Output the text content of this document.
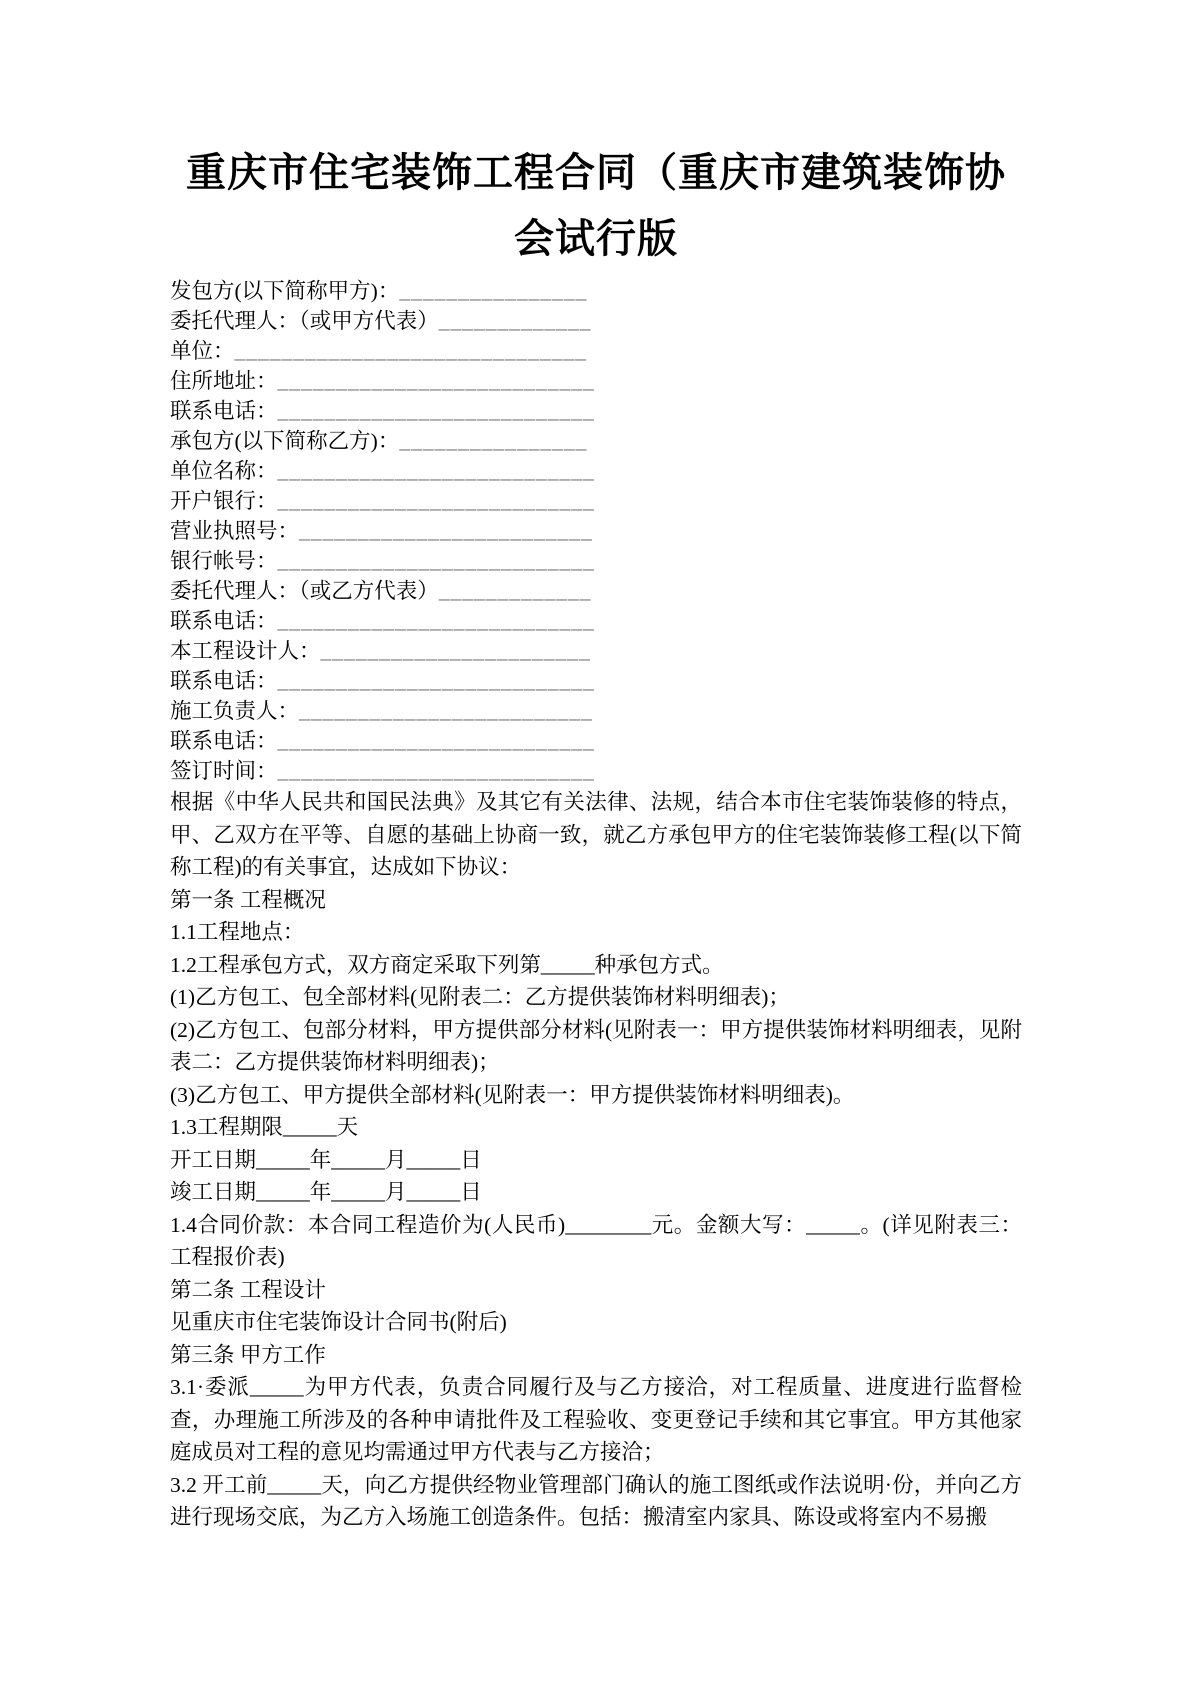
重庆市住宅装饰工程合同（重庆市建筑装饰协
会试行版
发包方(以下简称甲方)：________________
委托代理人：（或甲方代表）_____________
单位：______________________________
住所地址：___________________________
联系电话：___________________________
承包方(以下简称乙方)：________________
单位名称：___________________________
开户银行：___________________________
营业执照号：_________________________
银行帐号：___________________________
委托代理人：（或乙方代表）_____________
联系电话：___________________________
本工程设计人：_______________________
联系电话：___________________________
施工负责人：_________________________
联系电话：___________________________
签订时间：___________________________

根据《中华人民共和国民法典》及其它有关法律、法规，结合本市住宅装饰装修的特点，甲、乙双方在平等、自愿的基础上协商一致，就乙方承包甲方的住宅装饰装修工程(以下简称工程)的有关事宜，达成如下协议：

第一条 工程概况

1.1工程地点：

1.2工程承包方式，双方商定采取下列第_____种承包方式。

(1)乙方包工、包全部材料(见附表二：乙方提供装饰材料明细表)；

(2)乙方包工、包部分材料，甲方提供部分材料(见附表一：甲方提供装饰材料明细表，见附表二：乙方提供装饰材料明细表)；

(3)乙方包工、甲方提供全部材料(见附表一：甲方提供装饰材料明细表)。

1.3工程期限_____天

开工日期_____年_____月_____日

竣工日期_____年_____月_____日

1.4合同价款：本合同工程造价为(人民币)________元。金额大写：_____。(详见附表三：工程报价表)

第二条 工程设计

见重庆市住宅装饰设计合同书(附后)

第三条 甲方工作

3.1·委派_____为甲方代表，负责合同履行及与乙方接洽，对工程质量、进度进行监督检查，办理施工所涉及的各种申请批件及工程验收、变更登记手续和其它事宜。甲方其他家庭成员对工程的意见均需通过甲方代表与乙方接洽；

3.2 开工前_____天，向乙方提供经物业管理部门确认的施工图纸或作法说明·份，并向乙方进行现场交底，为乙方入场施工创造条件。包括：搬清室内家具、陈设或将室内不易搬
